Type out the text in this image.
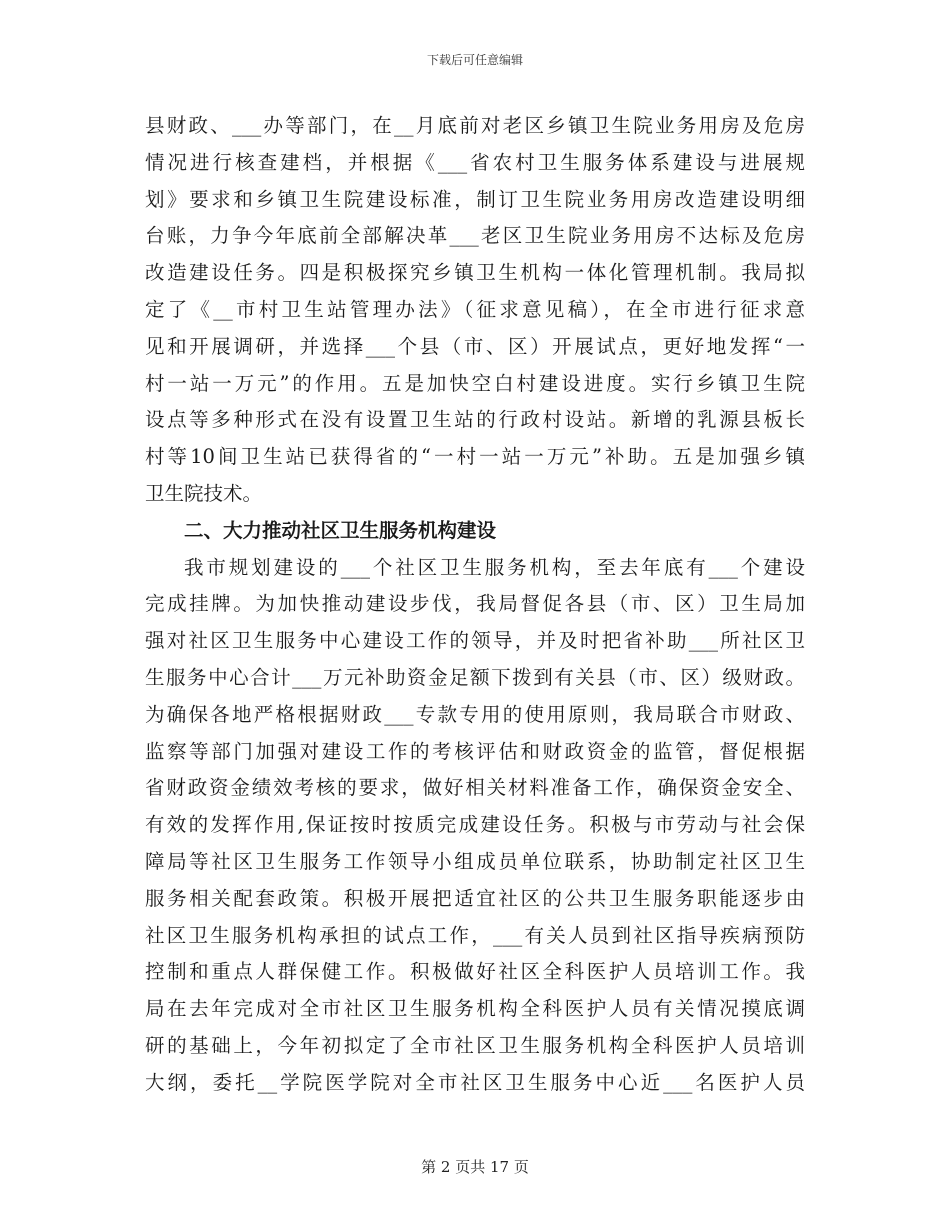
下载后可任意编辑
县财政、___办等部门，在__月底前对老区乡镇卫生院业务用房及危房
情况进行核查建档，并根据《___省农村卫生服务体系建设与进展规
划》要求和乡镇卫生院建设标准，制订卫生院业务用房改造建设明细
台账，力争今年底前全部解决革___老区卫生院业务用房不达标及危房
改造建设任务。四是积极探究乡镇卫生机构一体化管理机制。我局拟
定了《__市村卫生站管理办法》（征求意见稿），在全市进行征求意
见和开展调研，并选择___个县（市、区）开展试点，更好地发挥“一
村一站一万元”的作用。五是加快空白村建设进度。实行乡镇卫生院
设点等多种形式在没有设置卫生站的行政村设站。新增的乳源县板长
村等10间卫生站已获得省的“一村一站一万元”补助。五是加强乡镇
卫生院技术。
二、大力推动社区卫生服务机构建设
我市规划建设的___个社区卫生服务机构，至去年底有___个建设
完成挂牌。为加快推动建设步伐，我局督促各县（市、区）卫生局加
强对社区卫生服务中心建设工作的领导，并及时把省补助___所社区卫
生服务中心合计___万元补助资金足额下拨到有关县（市、区）级财政。
为确保各地严格根据财政___专款专用的使用原则，我局联合市财政、
监察等部门加强对建设工作的考核评估和财政资金的监管，督促根据
省财政资金绩效考核的要求，做好相关材料准备工作，确保资金安全、
有效的发挥作用,保证按时按质完成建设任务。积极与市劳动与社会保
障局等社区卫生服务工作领导小组成员单位联系，协助制定社区卫生
服务相关配套政策。积极开展把适宜社区的公共卫生服务职能逐步由
社区卫生服务机构承担的试点工作，___有关人员到社区指导疾病预防
控制和重点人群保健工作。积极做好社区全科医护人员培训工作。我
局在去年完成对全市社区卫生服务机构全科医护人员有关情况摸底调
研的基础上，今年初拟定了全市社区卫生服务机构全科医护人员培训
大纲，委托__学院医学院对全市社区卫生服务中心近___名医护人员
第 2 页共 17 页
